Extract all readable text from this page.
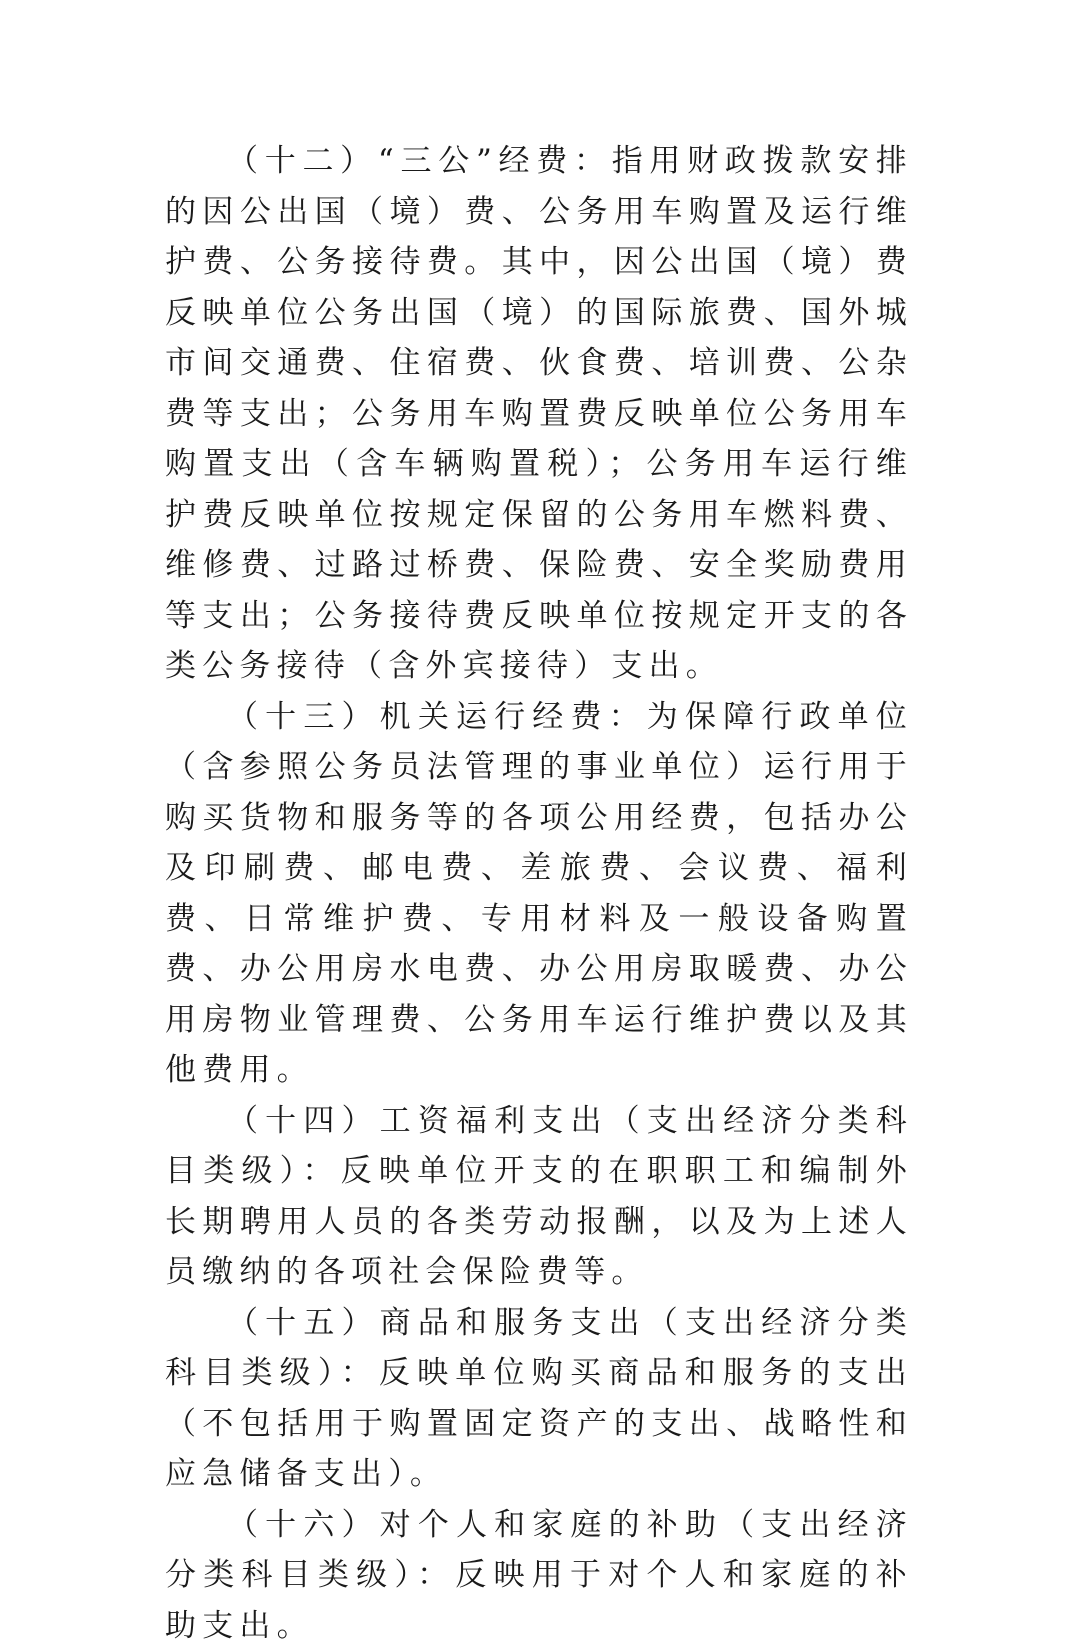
（十二）“三公”经费：指用财政拨款安排的因公出国（境）费、公务用车购置及运行维护费、公务接待费。其中，因公出国（境）费反映单位公务出国（境）的国际旅费、国外城市间交通费、住宿费、伙食费、培训费、公杂费等支出；公务用车购置费反映单位公务用车购置支出（含车辆购置税）；公务用车运行维护费反映单位按规定保留的公务用车燃料费、维修费、过路过桥费、保险费、安全奖励费用等支出；公务接待费反映单位按规定开支的各类公务接待（含外宾接待）支出。

（十三）机关运行经费：为保障行政单位（含参照公务员法管理的事业单位）运行用于购买货物和服务等的各项公用经费，包括办公及印刷费、邮电费、差旅费、会议费、福利费、日常维护费、专用材料及一般设备购置费、办公用房水电费、办公用房取暖费、办公用房物业管理费、公务用车运行维护费以及其他费用。

（十四）工资福利支出（支出经济分类科目类级）：反映单位开支的在职职工和编制外长期聘用人员的各类劳动报酬，以及为上述人员缴纳的各项社会保险费等。

（十五）商品和服务支出（支出经济分类科目类级）：反映单位购买商品和服务的支出（不包括用于购置固定资产的支出、战略性和应急储备支出）。

（十六）对个人和家庭的补助（支出经济分类科目类级）：反映用于对个人和家庭的补助支出。
